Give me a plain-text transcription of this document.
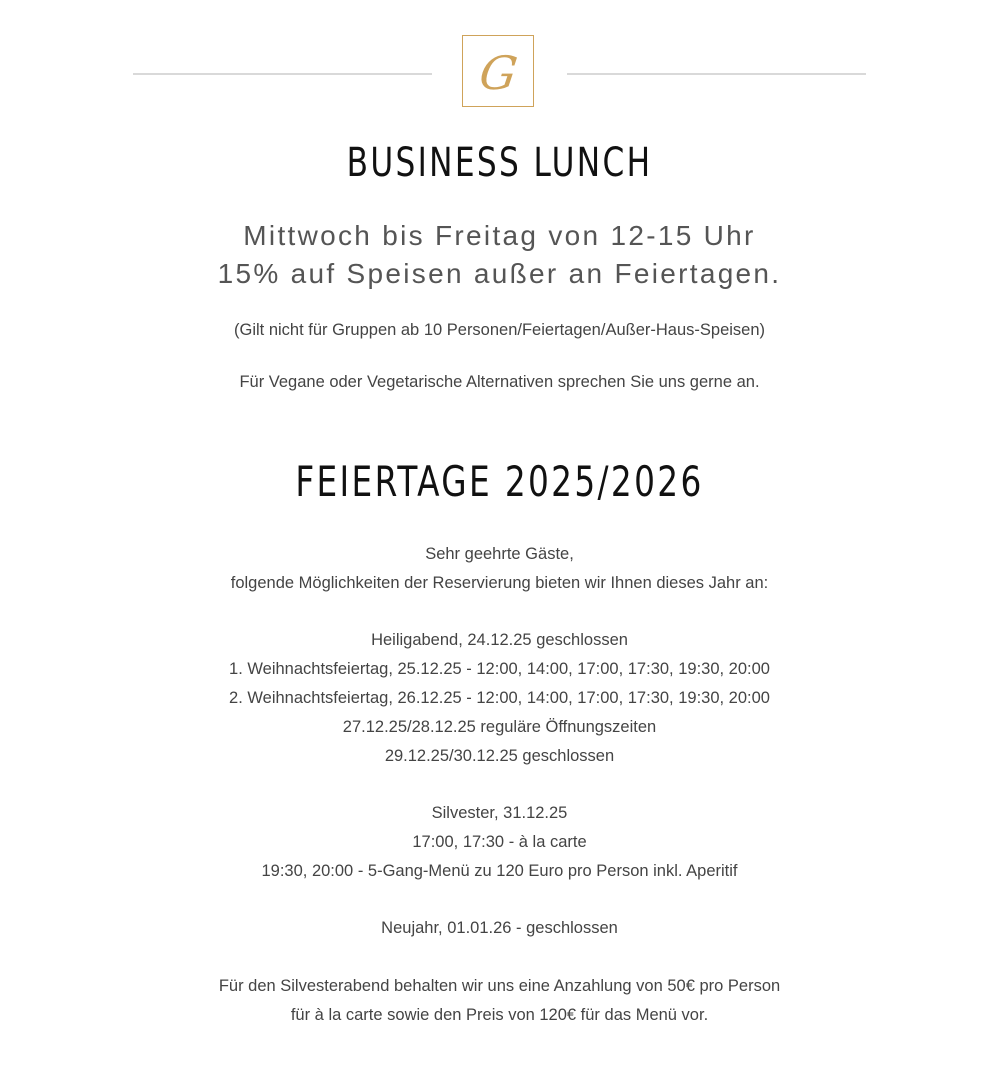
G
BUSINESS LUNCH
Mittwoch bis Freitag von 12-15 Uhr
15% auf Speisen außer an Feiertagen.
(Gilt nicht für Gruppen ab 10 Personen/Feiertagen/Außer-Haus-Speisen)
Für Vegane oder Vegetarische Alternativen sprechen Sie uns gerne an.
FEIERTAGE 2025/2026
Sehr geehrte Gäste,
folgende Möglichkeiten der Reservierung bieten wir Ihnen dieses Jahr an:
Heiligabend, 24.12.25 geschlossen
1. Weihnachtsfeiertag, 25.12.25 - 12:00, 14:00, 17:00, 17:30, 19:30, 20:00
2. Weihnachtsfeiertag, 26.12.25 - 12:00, 14:00, 17:00, 17:30, 19:30, 20:00
27.12.25/28.12.25 reguläre Öffnungszeiten
29.12.25/30.12.25 geschlossen
Silvester, 31.12.25
17:00, 17:30 - à la carte
19:30, 20:00 - 5-Gang-Menü zu 120 Euro pro Person inkl. Aperitif
Neujahr, 01.01.26 - geschlossen
Für den Silvesterabend behalten wir uns eine Anzahlung von 50€ pro Person
für à la carte sowie den Preis von 120€ für das Menü vor.
